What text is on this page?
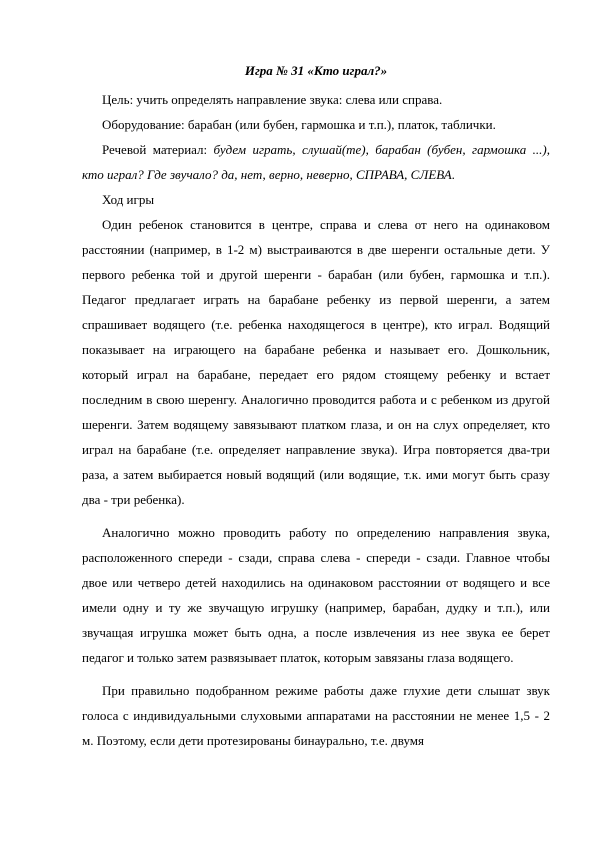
Игра № 31 «Кто играл?»

Цель: учить определять направление звука: слева или справа.

Оборудование: барабан (или бубен, гармошка и т.п.), платок, таблички.

Речевой материал: будем играть, слушай(те), барабан (бубен, гармошка ...), кто играл? Где звучало? да, нет, верно, неверно, СПРАВА, СЛЕВА.

Ход игры

Один ребенок становится в центре, справа и слева от него на одинаковом расстоянии (например, в 1-2 м) выстраиваются в две шеренги остальные дети. У первого ребенка той и другой шеренги - барабан (или бубен, гармошка и т.п.). Педагог предлагает играть на барабане ребенку из первой шеренги, а затем спрашивает водящего (т.е. ребенка находящегося в центре), кто играл. Водящий показывает на играющего на барабане ребенка и называет его. Дошкольник, который играл на барабане, передает его рядом стоящему ребенку и встает последним в свою шеренгу. Аналогично проводится работа и с ребенком из другой шеренги. Затем водящему завязывают платком глаза, и он на слух определяет, кто играл на барабане (т.е. определяет направление звука). Игра повторяется два-три раза, а затем выбирается новый водящий (или водящие, т.к. ими могут быть сразу два - три ребенка).

Аналогично можно проводить работу по определению направления звука, расположенного спереди - сзади, справа слева - спереди - сзади. Главное чтобы двое или четверо детей находились на одинаковом расстоянии от водящего и все имели одну и ту же звучащую игрушку (например, барабан, дудку и т.п.), или звучащая игрушка может быть одна, а после извлечения из нее звука ее берет педагог и только затем развязывает платок, которым завязаны глаза водящего.

При правильно подобранном режиме работы даже глухие дети слышат звук голоса с индивидуальными слуховыми аппаратами на расстоянии не менее 1,5 - 2 м. Поэтому, если дети протезированы бинаурально, т.е. двумя
